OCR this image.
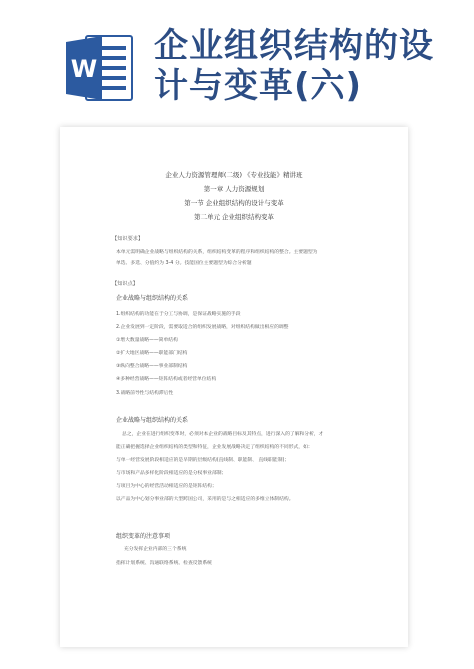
W
企业组织结构的设
计与变革(六)
企业人力资源管理师(二级) 《专业技能》精讲班
第一章 人力资源规划
第一节 企业组织结构的设计与变革
第二单元 企业组织结构变革
【知识要求】
本单元需明确企业战略与组织结构的关系，组织结构变革的程序和组织结构的整合。主要题型为
单选、多选、分值约为 3-4 分。技能国位主要题型为综合分析题
【知识点】
企业战略与组织结构的关系
1.组织结构的功能在于分工与协调，是保证战略实施的手段
2.企业发展到一定阶段，需要取适合的组织发展战略，对组织结构做出相应的调整
①增大数量战略——简单结构
②扩大地区战略——职能部门结构
③纵向整合战略——事业部制结构
④多种经营战略——矩阵结构或者经营单位结构
3.战略前导性与结构滞后性
企业战略与组织结构的关系
总之，企业在进行组织变革时，必须对本企业的战略目标及其特点，进行深入的了解和分析，才
能正确把握选择企业组织结构的类型和特征，企业发展战略决定了组织结构的不同形式，如：
与单一经营发展阶段相适应的是早期的层级结构(直线制、职能制、 直线职能制)；
与市场和产品多样化阶段相适应的是分权事业部制；
与项目为中心的经营活动相适应的是矩阵结构；
以产品为中心划分事业部的大型跨国公司，采用的是与之相适应的多维立体制结构。
组织变革的注意事项
充分发挥企业内部的三个系统
指挥计划系统、沟通联络系统、检查反馈系统
